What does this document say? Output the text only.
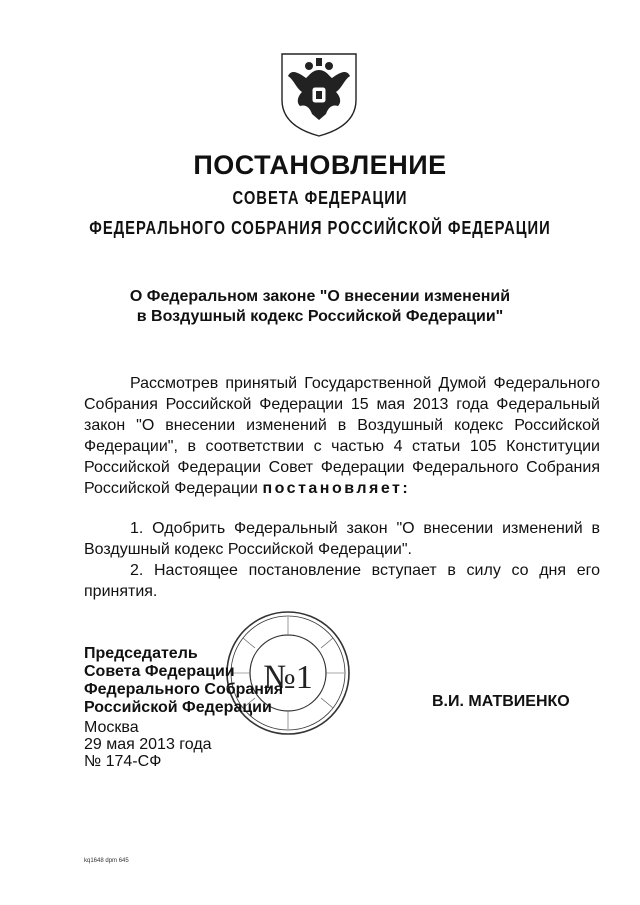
ПОСТАНОВЛЕНИЕ
СОВЕТА ФЕДЕРАЦИИ
ФЕДЕРАЛЬНОГО СОБРАНИЯ РОССИЙСКОЙ ФЕДЕРАЦИИ
О Федеральном законе "О внесении изменений
в Воздушный кодекс Российской Федерации"

Рассмотрев принятый Государственной Думой Федерального Собрания Российской Федерации 15 мая 2013 года Федеральный закон "О внесении изменений в Воздушный кодекс Российской Федерации", в соответствии с частью 4 статьи 105 Конституции Российской Федерации Совет Федерации Федерального Собрания Российской Федерации постановляет:

1. Одобрить Федеральный закон "О внесении изменений в Воздушный кодекс Российской Федерации".

2. Настоящее постановление вступает в силу со дня его принятия.

№1
Председатель
Совета Федерации
Федерального Собрания
Российской Федерации	В.И. МАТВИЕНКО
Москва
29 мая 2013 года
№ 174-СФ
kq1648 dpm 645
